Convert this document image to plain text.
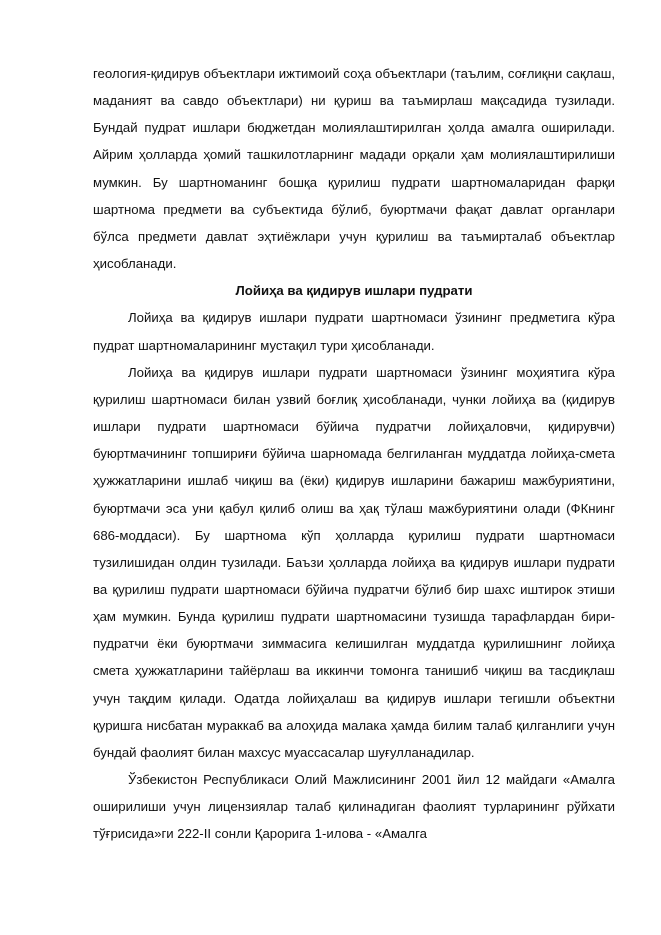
геология-қидирув объектлари ижтимоий соҳа объектлари (таълим, соғлиқни сақлаш, маданият ва савдо объектлари) ни қуриш ва таъмирлаш мақсадида тузилади. Бундай пудрат ишлари бюджетдан молиялаштирилган ҳолда амалга оширилади. Айрим ҳолларда ҳомий ташкилотларнинг мадади орқали ҳам молиялаштирилиши мумкин. Бу шартноманинг бошқа қурилиш пудрати шартномаларидан фарқи шартнома предмети ва субъектида бўлиб, буюртмачи фақат давлат органлари бўлса предмети давлат эҳтиёжлари учун қурилиш ва таъмирталаб объектлар ҳисобланади.

Лойиҳа ва қидирув ишлари пудрати

Лойиҳа ва қидирув ишлари пудрати шартномаси ўзининг предметига кўра пудрат шартномаларининг мустақил тури ҳисобланади.

Лойиҳа ва қидирув ишлари пудрати шартномаси ўзининг моҳиятига кўра қурилиш шартномаси билан узвий боғлиқ ҳисобланади, чунки лойиҳа ва (қидирув ишлари пудрати шартномаси бўйича пудратчи лойиҳаловчи, қидирувчи) буюртмачининг топшириғи бўйича шарномада белгиланган муддатда лойиҳа-смета ҳужжатларини ишлаб чиқиш ва (ёки) қидирув ишларини бажариш мажбуриятини, буюртмачи эса уни қабул қилиб олиш ва ҳақ тўлаш мажбуриятини олади (ФКнинг 686-моддаси). Бу шартнома кўп ҳолларда қурилиш пудрати шартномаси тузилишидан олдин тузилади. Баъзи ҳолларда лойиҳа ва қидирув ишлари пудрати ва қурилиш пудрати шартномаси бўйича пудратчи бўлиб бир шахс иштирок этиши ҳам мумкин. Бунда қурилиш пудрати шартномасини тузишда тарафлардан бири-пудратчи ёки буюртмачи зиммасига келишилган муддатда қурилишнинг лойиҳа смета ҳужжатларини тайёрлаш ва иккинчи томонга танишиб чиқиш ва тасдиқлаш учун тақдим қилади. Одатда лойиҳалаш ва қидирув ишлари тегишли объектни қуришга нисбатан мураккаб ва алоҳида малака ҳамда билим талаб қилганлиги учун бундай фаолият билан махсус муассасалар шуғулланадилар.

Ўзбекистон Республикаси Олий Мажлисининг 2001 йил 12 майдаги «Амалга оширилиши учун лицензиялар талаб қилинадиган фаолият турларининг рўйхати тўғрисида»ги 222-II сонли Қарорига 1-илова - «Амалга
